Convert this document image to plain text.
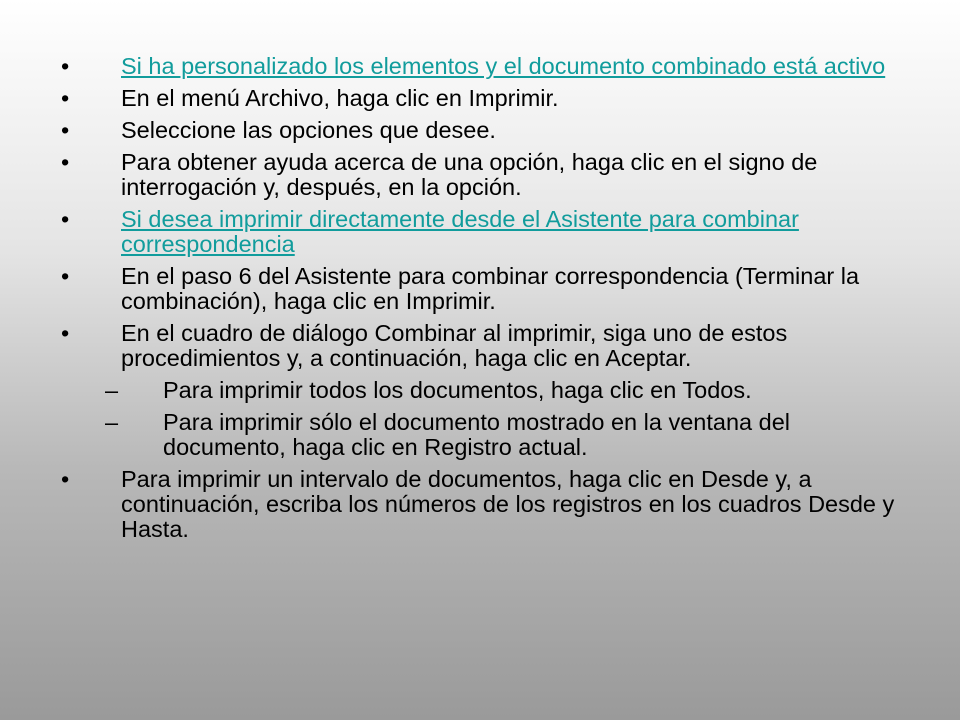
• Si ha personalizado los elementos y el documento combinado está activo
• En el menú Archivo, haga clic en Imprimir.
• Seleccione las opciones que desee.
• Para obtener ayuda acerca de una opción, haga clic en el signo de interrogación y, después, en la opción.
• Si desea imprimir directamente desde el Asistente para combinar correspondencia
• En el paso 6 del Asistente para combinar correspondencia (Terminar la combinación), haga clic en Imprimir.
• En el cuadro de diálogo Combinar al imprimir, siga uno de estos procedimientos y, a continuación, haga clic en Aceptar.
– Para imprimir todos los documentos, haga clic en Todos.
– Para imprimir sólo el documento mostrado en la ventana del documento, haga clic en Registro actual.
• Para imprimir un intervalo de documentos, haga clic en Desde y, a continuación, escriba los números de los registros en los cuadros Desde y Hasta.
